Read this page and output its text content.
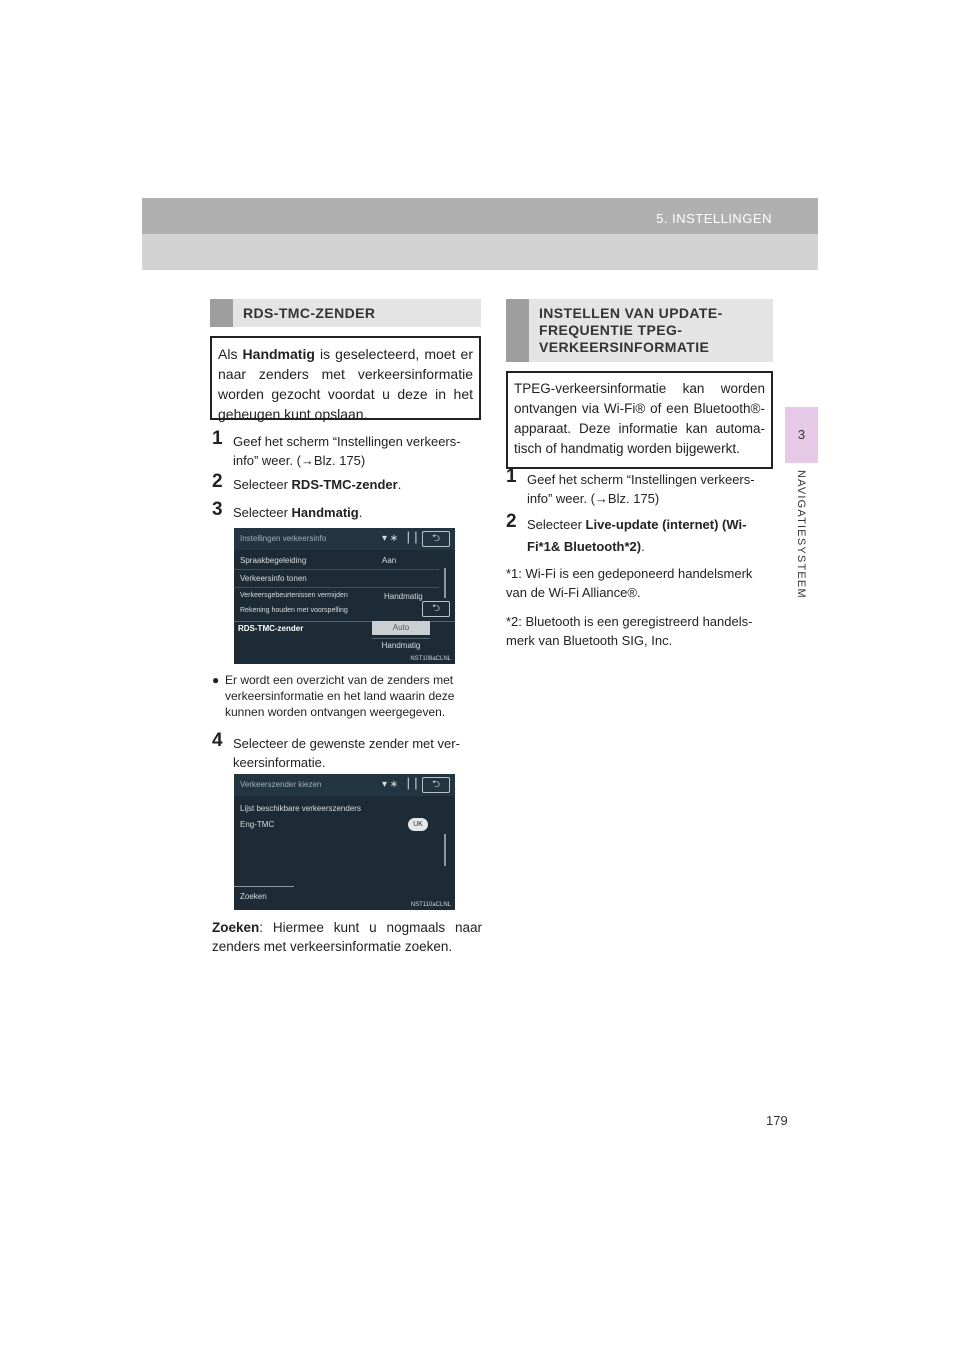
5. INSTELLINGEN
3
NAVIGATIESYSTEEM
RDS-TMC-ZENDER
Als Handmatig is geselecteerd, moet er naar zenders met verkeersinformatie worden gezocht voordat u deze in het geheugen kunt opslaan.
1 Geef het scherm “Instellingen verkeers-info” weer. (→Blz. 175)
2 Selecteer RDS-TMC-zender.
3 Selecteer Handmatig.
Instellingen verkeersinfo	▾ ∗ ▕▕	⮌
Spraakbegeleiding	Aan
Verkeersinfo tonen
Verkeersgebeurtenissen vermijden	Handmatig
Rekening houden met voorspelling	⮌
RDS-TMC-zender	Auto
Handmatig
NST108aCLNL
● Er wordt een overzicht van de zenders met verkeersinformatie en het land waarin deze kunnen worden ontvangen weergegeven.
4 Selecteer de gewenste zender met ver-keersinformatie.
Verkeerszender kiezen	▾ ∗ ▕▕	⮌
Lijst beschikbare verkeerszenders
Eng-TMC	UK
Zoeken
NST110aCLNL
Zoeken: Hiermee kunt u nogmaals naar zenders met verkeersinformatie zoeken.
INSTELLEN VAN UPDATE-FREQUENTIE TPEG-VERKEERSINFORMATIE
TPEG-verkeersinformatie kan worden ontvangen via Wi-Fi® of een Bluetooth®-apparaat. Deze informatie kan automa-tisch of handmatig worden bijgewerkt.
1 Geef het scherm “Instellingen verkeers-info” weer. (→Blz. 175)
2 Selecteer Live-update (internet) (Wi-Fi*1& Bluetooth*2).
*1: Wi-Fi is een gedeponeerd handelsmerk van de Wi-Fi Alliance®.
*2: Bluetooth is een geregistreerd handels-merk van Bluetooth SIG, Inc.
179
